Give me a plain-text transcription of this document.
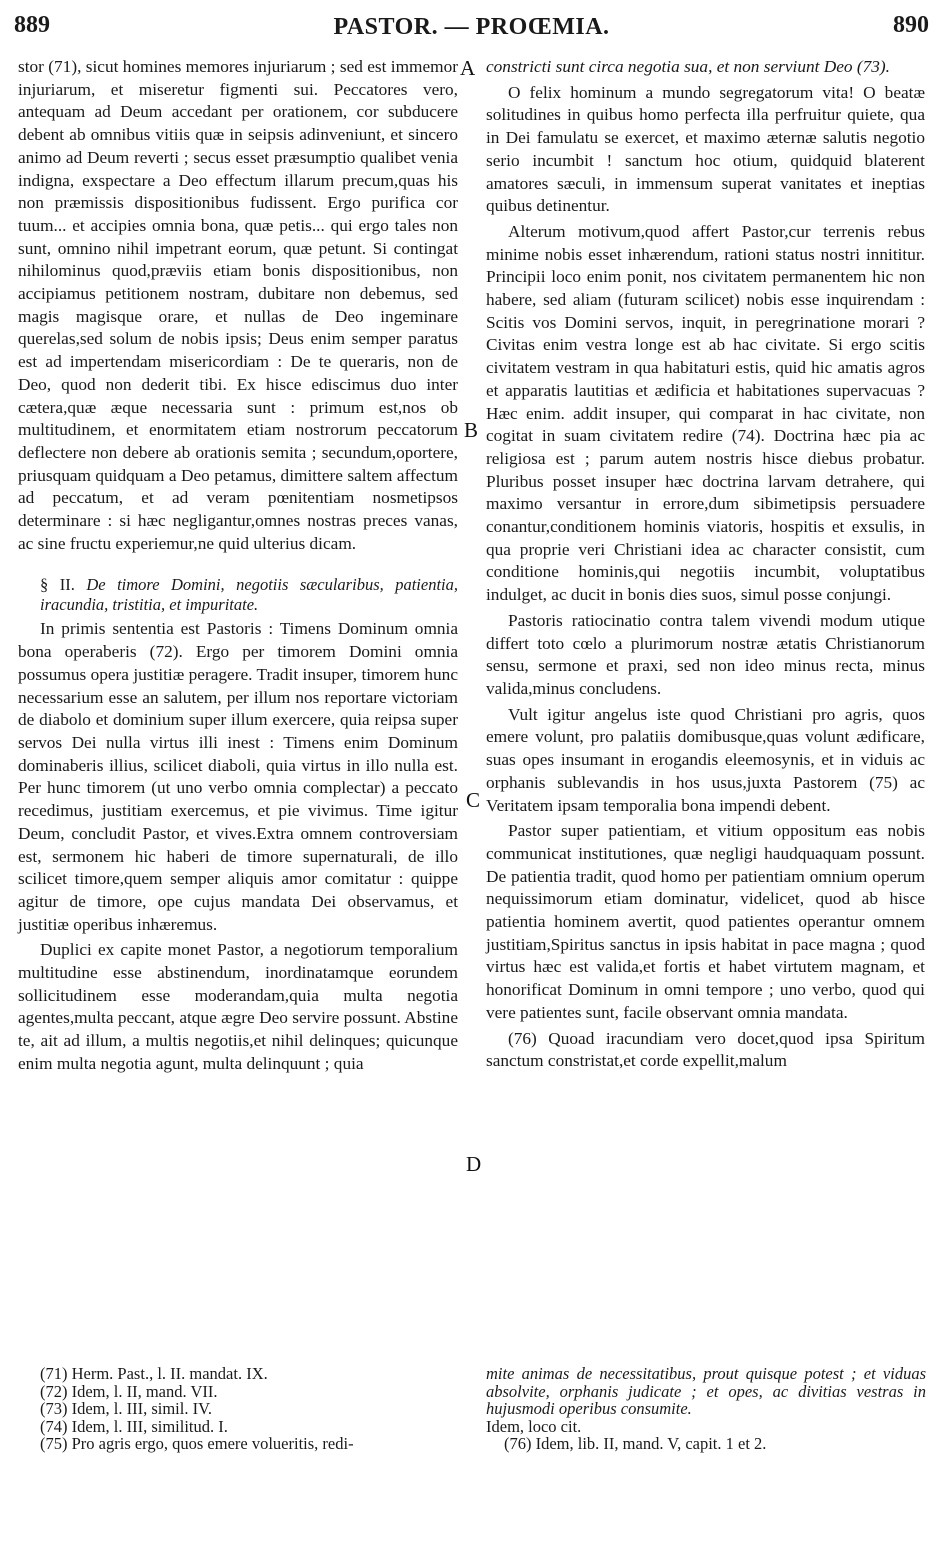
889	PASTOR. — PROŒMIA.	890
A
B
C
D

stor (71), sicut homines memores injuriarum ; sed est immemor injuriarum, et miseretur figmenti sui. Peccatores vero, antequam ad Deum accedant per orationem, cor subducere debent ab omnibus vitiis quæ in seipsis adinveniunt, et sincero animo ad Deum reverti ; secus esset præsumptio qualibet venia indigna, exspectare a Deo effectum illarum precum,quas his non præmissis dispositionibus fudissent. Ergo purifica cor tuum... et accipies omnia bona, quæ petis... qui ergo tales non sunt, omnino nihil impetrant eorum, quæ petunt. Si contingat nihilominus quod,præviis etiam bonis dispositionibus, non accipiamus petitionem nostram, dubitare non debemus, sed magis magisque orare, et nullas de Deo ingeminare querelas,sed solum de nobis ipsis; Deus enim semper paratus est ad impertendam misericordiam : De te queraris, non de Deo, quod non dederit tibi. Ex hisce ediscimus duo inter cætera,quæ æque necessaria sunt : primum est,nos ob multitudinem, et enormitatem etiam nostrorum peccatorum deflectere non debere ab orationis semita ; secundum,oportere, priusquam quidquam a Deo petamus, dimittere saltem affectum ad peccatum, et ad veram pœnitentiam nosmetipsos determinare : si hæc negligantur,omnes nostras preces vanas, ac sine fructu experiemur,ne quid ulterius dicam.

§ II. De timore Domini, negotiis sæcularibus, patientia, iracundia, tristitia, et impuritate.

In primis sententia est Pastoris : Timens Dominum omnia bona operaberis (72). Ergo per timorem Domini omnia possumus opera justitiæ peragere. Tradit insuper, timorem hunc necessarium esse an salutem, per illum nos reportare victoriam de diabolo et dominium super illum exercere, quia reipsa super servos Dei nulla virtus illi inest : Timens enim Dominum dominaberis illius, scilicet diaboli, quia virtus in illo nulla est. Per hunc timorem (ut uno verbo omnia complectar) a peccato recedimus, justitiam exercemus, et pie vivimus. Time igitur Deum, concludit Pastor, et vives.Extra omnem controversiam est, sermonem hic haberi de timore supernaturali, de illo scilicet timore,quem semper aliquis amor comitatur : quippe agitur de timore, ope cujus mandata Dei observamus, et justitiæ operibus inhæremus.

Duplici ex capite monet Pastor, a negotiorum temporalium multitudine esse abstinendum, inordinatamque eorundem sollicitudinem esse moderandam,quia multa negotia agentes,multa peccant, atque ægre Deo servire possunt. Abstine te, ait ad illum, a multis negotiis,et nihil delinques; quicunque enim multa negotia agunt, multa delinquunt ; quia

constricti sunt circa negotia sua, et non serviunt Deo (73).

O felix hominum a mundo segregatorum vita! O beatæ solitudines in quibus homo perfecta illa perfruitur quiete, qua in Dei famulatu se exercet, et maximo æternæ salutis negotio serio incumbit ! sanctum hoc otium, quidquid blaterent amatores sæculi, in immensum superat vanitates et ineptias quibus detinentur.

Alterum motivum,quod affert Pastor,cur terrenis rebus minime nobis esset inhærendum, rationi status nostri innititur. Principii loco enim ponit, nos civitatem permanentem hic non habere, sed aliam (futuram scilicet) nobis esse inquirendam : Scitis vos Domini servos, inquit, in peregrinatione morari ? Civitas enim vestra longe est ab hac civitate. Si ergo scitis civitatem vestram in qua habitaturi estis, quid hic amatis agros et apparatis lautitias et ædificia et habitationes supervacuas ? Hæc enim. addit insuper, qui comparat in hac civitate, non cogitat in suam civitatem redire (74). Doctrina hæc pia ac religiosa est ; parum autem nostris hisce diebus probatur. Pluribus posset insuper hæc doctrina larvam detrahere, qui maximo versantur in errore,dum sibimetipsis persuadere conantur,conditionem hominis viatoris, hospitis et exsulis, in qua proprie veri Christiani idea ac character consistit, cum conditione hominis,qui negotiis incumbit, voluptatibus indulget, ac ducit in bonis dies suos, simul posse conjungi.

Pastoris ratiocinatio contra talem vivendi modum utique differt toto cœlo a plurimorum nostræ ætatis Christianorum sensu, sermone et praxi, sed non ideo minus recta, minus valida,minus concludens.

Vult igitur angelus iste quod Christiani pro agris, quos emere volunt, pro palatiis domibusque,quas volunt ædificare, suas opes insumant in erogandis eleemosynis, et in viduis ac orphanis sublevandis in hos usus,juxta Pastorem (75) ac Veritatem ipsam temporalia bona impendi debent.

Pastor super patientiam, et vitium oppositum eas nobis communicat institutiones, quæ negligi haudquaquam possunt. De patientia tradit, quod homo per patientiam omnium operum nequissimorum etiam dominatur, videlicet, quod ab hisce patientia hominem avertit, quod patientes operantur omnem justitiam,Spiritus sanctus in ipsis habitat in pace magna ; quod virtus hæc est valida,et fortis et habet virtutem magnam, et honorificat Dominum in omni tempore ; uno verbo, quod qui vere patientes sunt, facile observant omnia mandata.

(76) Quoad iracundiam vero docet,quod ipsa Spiritum sanctum constristat,et corde expellit,malum

(71) Herm. Past., l. II. mandat. IX.
(72) Idem, l. II, mand. VII.
(73) Idem, l. III, simil. IV.
(74) Idem, l. III, similitud. I.
(75) Pro agris ergo, quos emere volueritis, redi-
mite animas de necessitatibus, prout quisque potest ; et viduas absolvite, orphanis judicate ; et opes, ac divitias vestras in hujusmodi operibus consumite.
Idem, loco cit.
(76) Idem, lib. II, mand. V, capit. 1 et 2.
